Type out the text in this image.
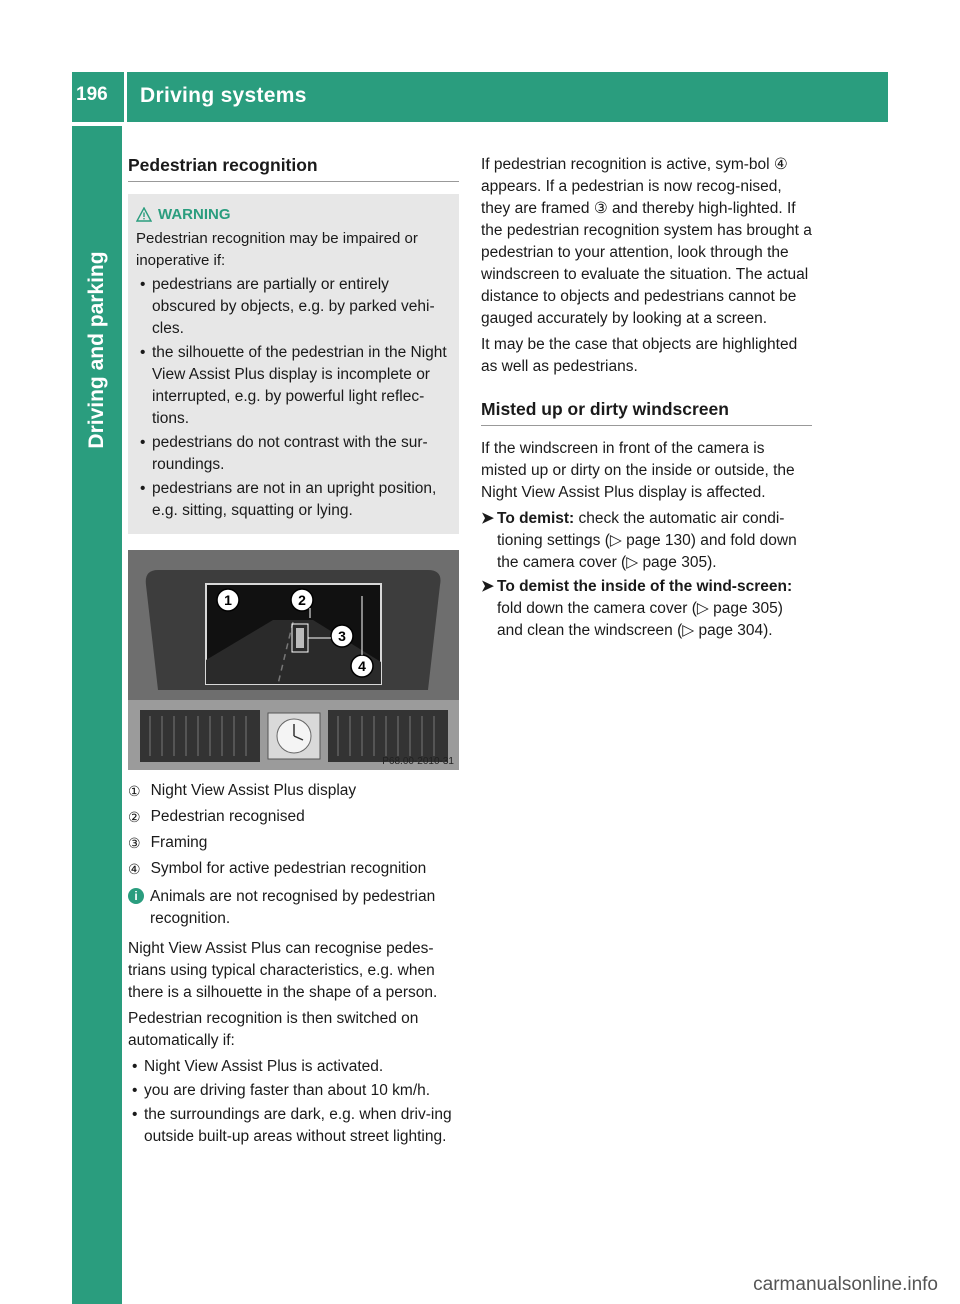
196 Driving systems
Driving and parking
Pedestrian recognition
WARNING

Pedestrian recognition may be impaired or inoperative if:

• pedestrians are partially or entirely obscured by objects, e.g. by parked vehi-cles.
• the silhouette of the pedestrian in the Night View Assist Plus display is incomplete or interrupted, e.g. by powerful light reflec-tions.
• pedestrians do not contrast with the sur-roundings.
• pedestrians are not in an upright position, e.g. sitting, squatting or lying.
1	2
3
4
P68.00-2010-31
① Night View Assist Plus display
② Pedestrian recognised
③ Framing
④ Symbol for active pedestrian recognition
i Animals are not recognised by pedestrian recognition.

Night View Assist Plus can recognise pedes-trians using typical characteristics, e.g. when there is a silhouette in the shape of a person.

Pedestrian recognition is then switched on automatically if:

• Night View Assist Plus is activated.
• you are driving faster than about 10 km/h.
• the surroundings are dark, e.g. when driv-ing outside built-up areas without street lighting.

If pedestrian recognition is active, sym-bol ④ appears. If a pedestrian is now recog-nised, they are framed ③ and thereby high-lighted. If the pedestrian recognition system has brought a pedestrian to your attention, look through the windscreen to evaluate the situation. The actual distance to objects and pedestrians cannot be gauged accurately by looking at a screen.

It may be the case that objects are highlighted as well as pedestrians.

Misted up or dirty windscreen

If the windscreen in front of the camera is misted up or dirty on the inside or outside, the Night View Assist Plus display is affected.

➤ To demist: check the automatic air condi-tioning settings (▷ page 130) and fold down the camera cover (▷ page 305).
➤ To demist the inside of the wind-screen: fold down the camera cover (▷ page 305) and clean the windscreen (▷ page 304).
carmanualsonline.info
